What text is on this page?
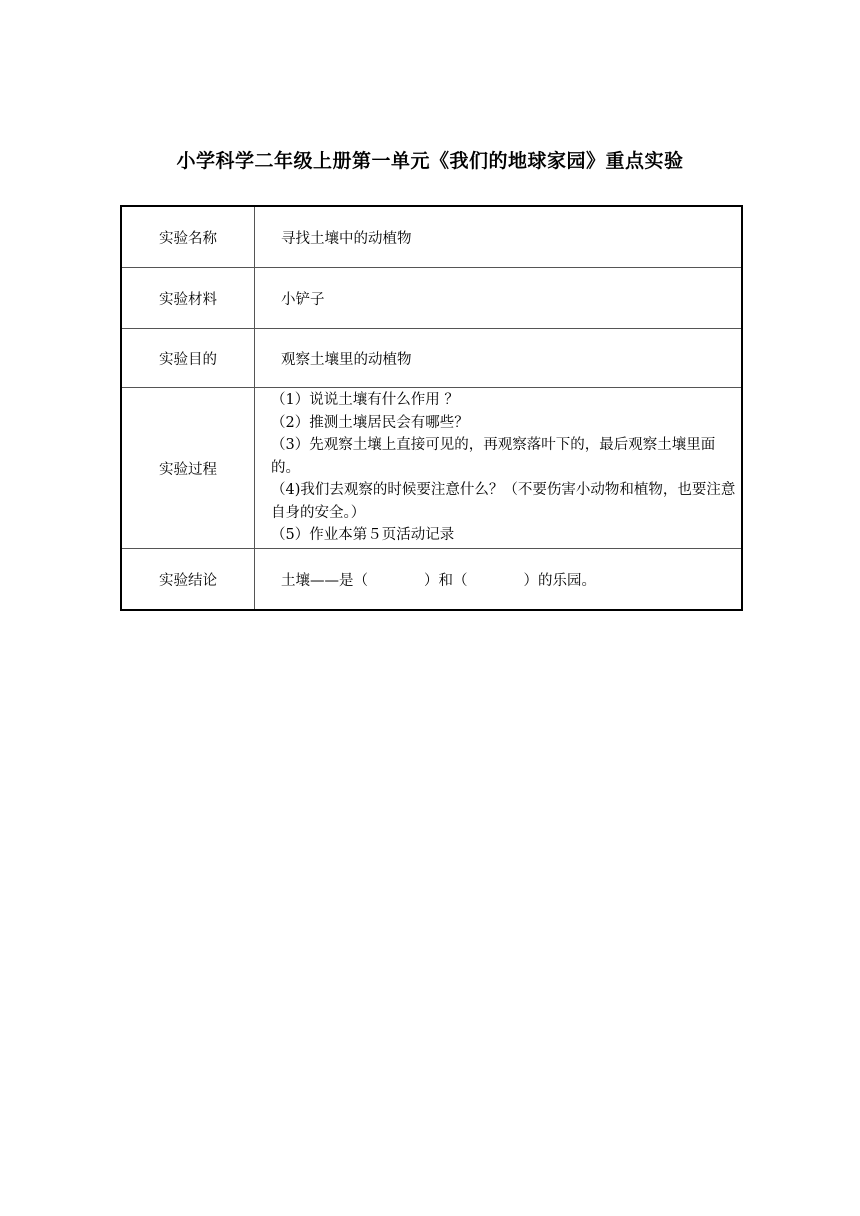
小学科学二年级上册第一单元《我们的地球家园》重点实验
实验名称	寻找土壤中的动植物
实验材料	小铲子
实验目的	观察土壤里的动植物
实验过程	（1）说说土壤有什么作用 ？
（2）推测土壤居民会有哪些？
（3）先观察土壤上直接可见的，再观察落叶下的，最后观察土壤里面的。
（4)我们去观察的时候要注意什么？（不要伤害小动物和植物，也要注意自身的安全。）
（5）作业本第５页活动记录

实验结论	土壤——是（ ）和（ ）的乐园。
